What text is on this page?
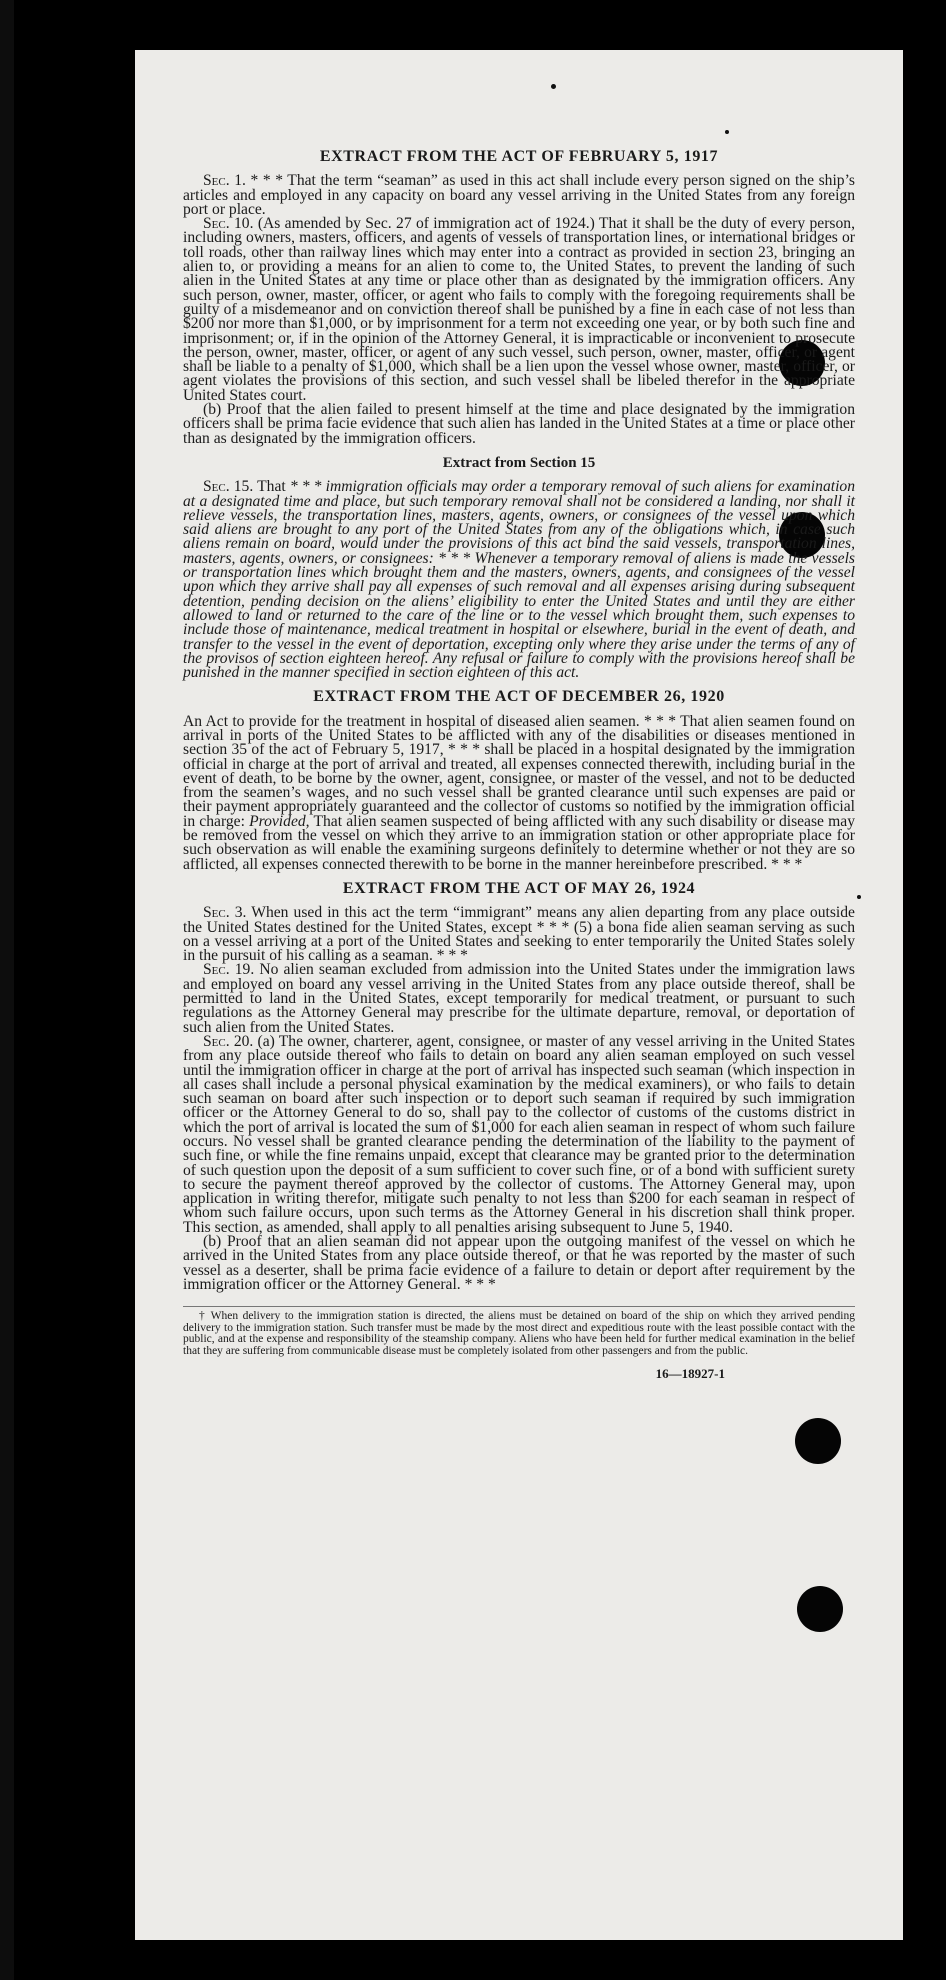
EXTRACT FROM THE ACT OF FEBRUARY 5, 1917

Sec. 1. * * * That the term “seaman” as used in this act shall include every person signed on the ship’s articles and employed in any capacity on board any vessel arriving in the United States from any foreign port or place.

Sec. 10. (As amended by Sec. 27 of immigration act of 1924.) That it shall be the duty of every person, including owners, masters, officers, and agents of vessels of transportation lines, or international bridges or toll roads, other than railway lines which may enter into a contract as provided in section 23, bringing an alien to, or providing a means for an alien to come to, the United States, to prevent the landing of such alien in the United States at any time or place other than as designated by the immigration officers. Any such person, owner, master, officer, or agent who fails to comply with the foregoing requirements shall be guilty of a misdemeanor and on conviction thereof shall be punished by a fine in each case of not less than $200 nor more than $1,000, or by imprisonment for a term not exceeding one year, or by both such fine and imprisonment; or, if in the opinion of the Attorney General, it is impracticable or inconvenient to prosecute the person, owner, master, officer, or agent of any such vessel, such person, owner, master, officer, or agent shall be liable to a penalty of $1,000, which shall be a lien upon the vessel whose owner, master, officer, or agent violates the provisions of this section, and such vessel shall be libeled therefor in the appropriate United States court.

(b) Proof that the alien failed to present himself at the time and place designated by the immigration officers shall be prima facie evidence that such alien has landed in the United States at a time or place other than as designated by the immigration officers.

Extract from Section 15

Sec. 15. That * * * immigration officials may order a temporary removal of such aliens for examination at a designated time and place, but such temporary removal shall not be considered a landing, nor shall it relieve vessels, the transportation lines, masters, agents, owners, or consignees of the vessel upon which said aliens are brought to any port of the United States from any of the obligations which, in case such aliens remain on board, would under the provisions of this act bind the said vessels, transportation lines, masters, agents, owners, or consignees: * * * Whenever a temporary removal of aliens is made the vessels or transportation lines which brought them and the masters, owners, agents, and consignees of the vessel upon which they arrive shall pay all expenses of such removal and all expenses arising during subsequent detention, pending decision on the aliens’ eligibility to enter the United States and until they are either allowed to land or returned to the care of the line or to the vessel which brought them, such expenses to include those of maintenance, medical treatment in hospital or elsewhere, burial in the event of death, and transfer to the vessel in the event of deportation, excepting only where they arise under the terms of any of the provisos of section eighteen hereof. Any refusal or failure to comply with the provisions hereof shall be punished in the manner specified in section eighteen of this act.

EXTRACT FROM THE ACT OF DECEMBER 26, 1920

An Act to provide for the treatment in hospital of diseased alien seamen. * * * That alien seamen found on arrival in ports of the United States to be afflicted with any of the disabilities or diseases mentioned in section 35 of the act of February 5, 1917, * * * shall be placed in a hospital designated by the immigration official in charge at the port of arrival and treated, all expenses connected therewith, including burial in the event of death, to be borne by the owner, agent, consignee, or master of the vessel, and not to be deducted from the seamen’s wages, and no such vessel shall be granted clearance until such expenses are paid or their payment appropriately guaranteed and the collector of customs so notified by the immigration official in charge: Provided, That alien seamen suspected of being afflicted with any such disability or disease may be removed from the vessel on which they arrive to an immigration station or other appropriate place for such observation as will enable the examining surgeons definitely to determine whether or not they are so afflicted, all expenses connected therewith to be borne in the manner hereinbefore prescribed. * * *

EXTRACT FROM THE ACT OF MAY 26, 1924

Sec. 3. When used in this act the term “immigrant” means any alien departing from any place outside the United States destined for the United States, except * * * (5) a bona fide alien seaman serving as such on a vessel arriving at a port of the United States and seeking to enter temporarily the United States solely in the pursuit of his calling as a seaman. * * *

Sec. 19. No alien seaman excluded from admission into the United States under the immigration laws and employed on board any vessel arriving in the United States from any place outside thereof, shall be permitted to land in the United States, except temporarily for medical treatment, or pursuant to such regulations as the Attorney General may prescribe for the ultimate departure, removal, or deportation of such alien from the United States.

Sec. 20. (a) The owner, charterer, agent, consignee, or master of any vessel arriving in the United States from any place outside thereof who fails to detain on board any alien seaman employed on such vessel until the immigration officer in charge at the port of arrival has inspected such seaman (which inspection in all cases shall include a personal physical examination by the medical examiners), or who fails to detain such seaman on board after such inspection or to deport such seaman if required by such immigration officer or the Attorney General to do so, shall pay to the collector of customs of the customs district in which the port of arrival is located the sum of $1,000 for each alien seaman in respect of whom such failure occurs. No vessel shall be granted clearance pending the determination of the liability to the payment of such fine, or while the fine remains unpaid, except that clearance may be granted prior to the determination of such question upon the deposit of a sum sufficient to cover such fine, or of a bond with sufficient surety to secure the payment thereof approved by the collector of customs. The Attorney General may, upon application in writing therefor, mitigate such penalty to not less than $200 for each seaman in respect of whom such failure occurs, upon such terms as the Attorney General in his discretion shall think proper. This section, as amended, shall apply to all penalties arising subsequent to June 5, 1940.

(b) Proof that an alien seaman did not appear upon the outgoing manifest of the vessel on which he arrived in the United States from any place outside thereof, or that he was reported by the master of such vessel as a deserter, shall be prima facie evidence of a failure to detain or deport after requirement by the immigration officer or the Attorney General. * * *

† When delivery to the immigration station is directed, the aliens must be detained on board of the ship on which they arrived pending delivery to the immigration station. Such transfer must be made by the most direct and expeditious route with the least possible contact with the public, and at the expense and responsibility of the steamship company. Aliens who have been held for further medical examination in the belief that they are suffering from communicable disease must be completely isolated from other passengers and from the public.
16—18927-1
